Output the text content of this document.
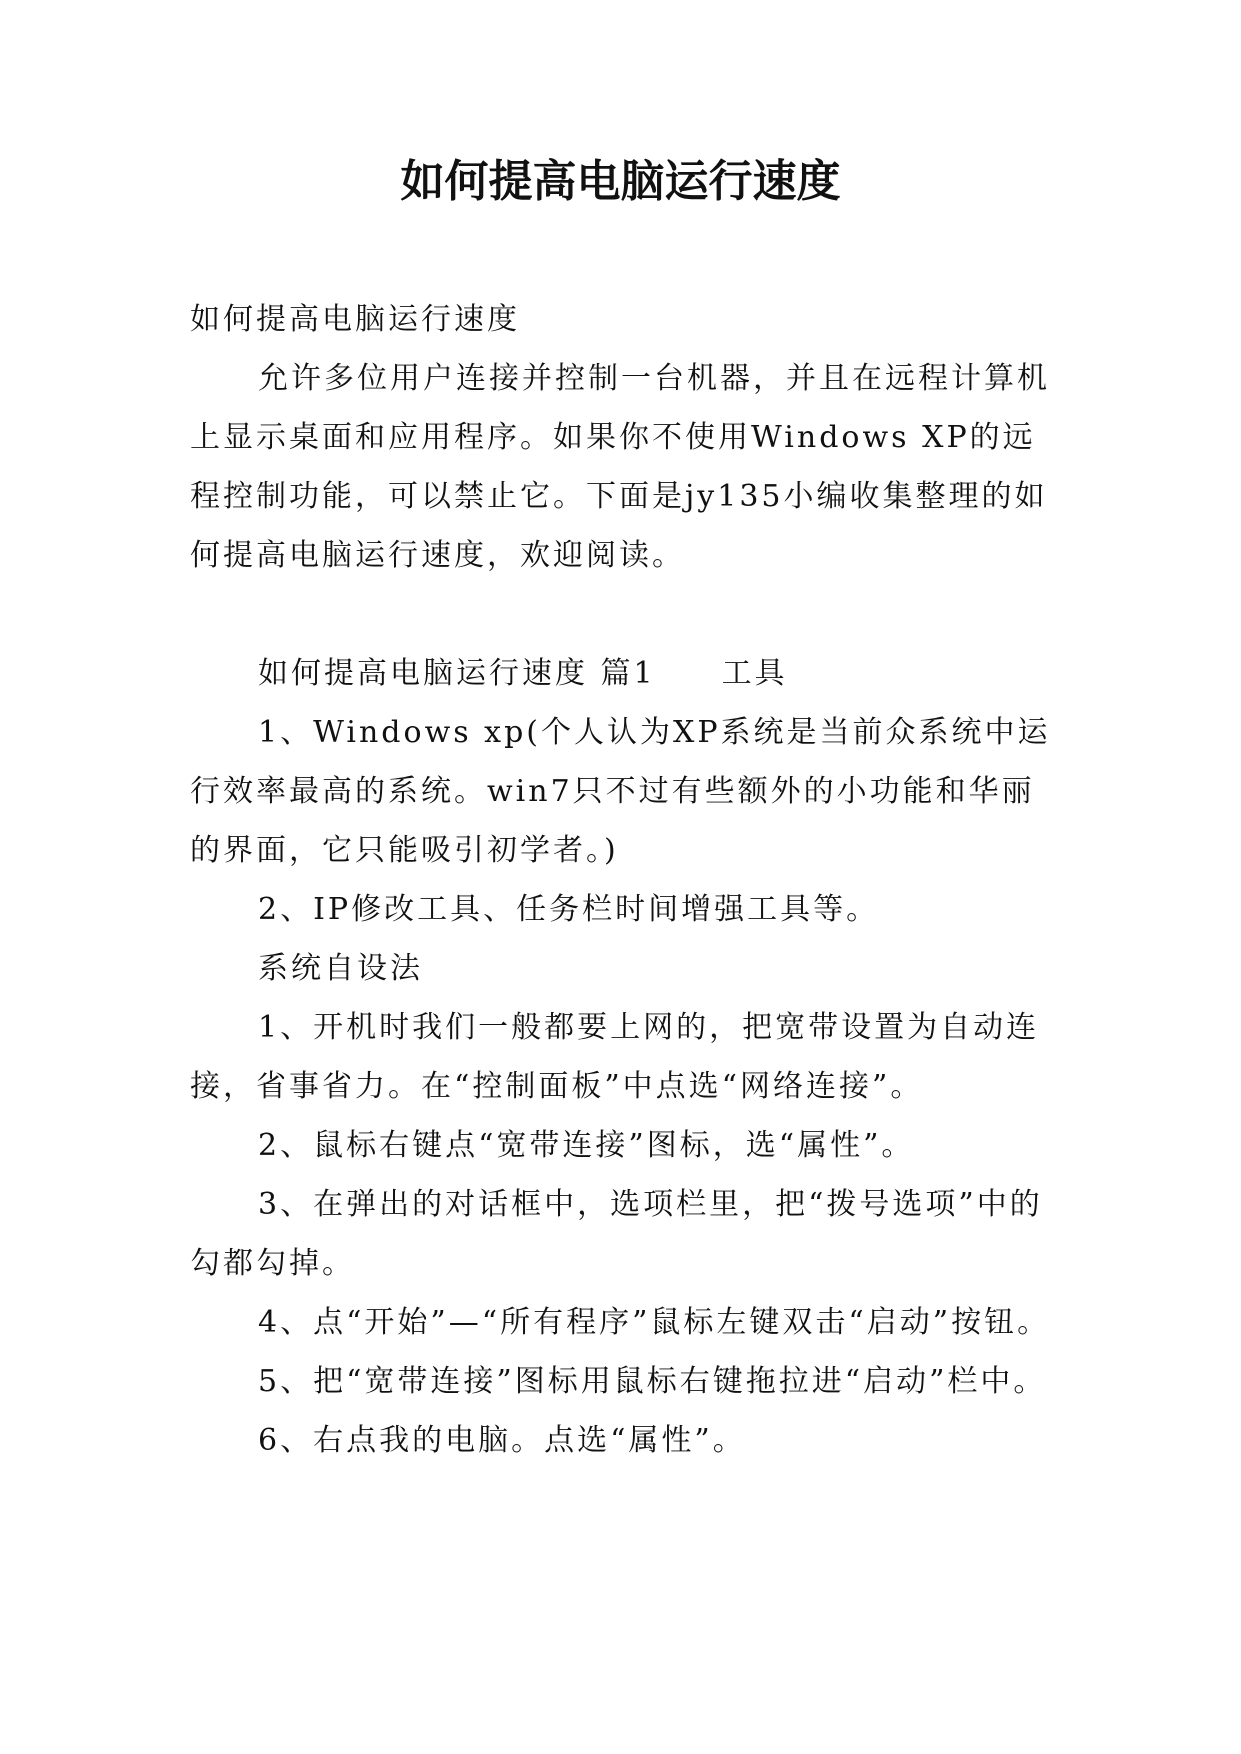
如何提高电脑运行速度

如何提高电脑运行速度

允许多位用户连接并控制一台机器，并且在远程计算机上显示桌面和应用程序。如果你不使用Windows XP的远程控制功能，可以禁止它。下面是jy135小编收集整理的如何提高电脑运行速度，欢迎阅读。

如何提高电脑运行速度 篇1　　工具

1、Windows xp(个人认为XP系统是当前众系统中运行效率最高的系统。win7只不过有些额外的小功能和华丽的界面，它只能吸引初学者。)

2、IP修改工具、任务栏时间增强工具等。

系统自设法

1、开机时我们一般都要上网的，把宽带设置为自动连接，省事省力。在“控制面板”中点选“网络连接”。

2、鼠标右键点“宽带连接”图标，选“属性”。

3、在弹出的对话框中，选项栏里，把“拨号选项”中的勾都勾掉。

4、点“开始”—“所有程序”鼠标左键双击“启动”按钮。

5、把“宽带连接”图标用鼠标右键拖拉进“启动”栏中。

6、右点我的电脑。点选“属性”。
